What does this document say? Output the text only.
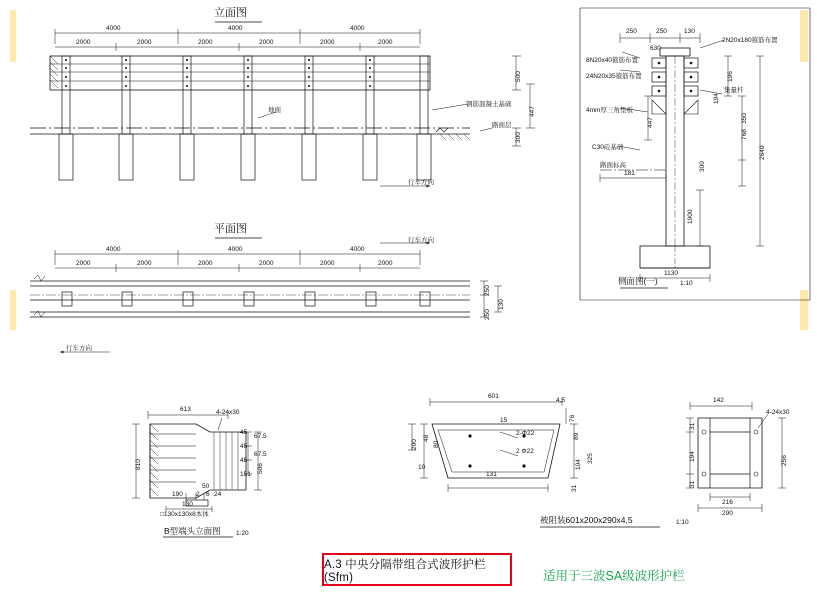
立面图
4000	4000	4000
2000	2000	2000	2000	2000	2000
500
447
300
地面
钢筋混凝土基础
路面层
行车方向
平面图
4000	4000	4000
2000	2000	2000	2000	2000	2000
行车方向
行车方向
250
250
130
侧面图(一)	1:10
250	250	130
630
2N20x180箍筋布置
8N20x40箍筋布置
24N20x35箍筋布置
4mm厚三角垫板
C30砼基础
路面标高
集量杆
196
194
447
768
350
300
2640
1900
181
1130
B型端头立面图 1:20
613	4-24x30
810	506
45
45
45
151
67.5
67.5
190 2 6
50
24
130
□130x130x8本体
被阻装601x200x290x4,5	1:10
601
4,5
76
15
200
48	89
104
325
131
10
80
2-Φ22
2 Φ22
31
142
4-24x30
31
194
31
256
216
290
A.3 中央分隔带组合式波形护栏(Sfm)	适用于三波SA级波形护栏
